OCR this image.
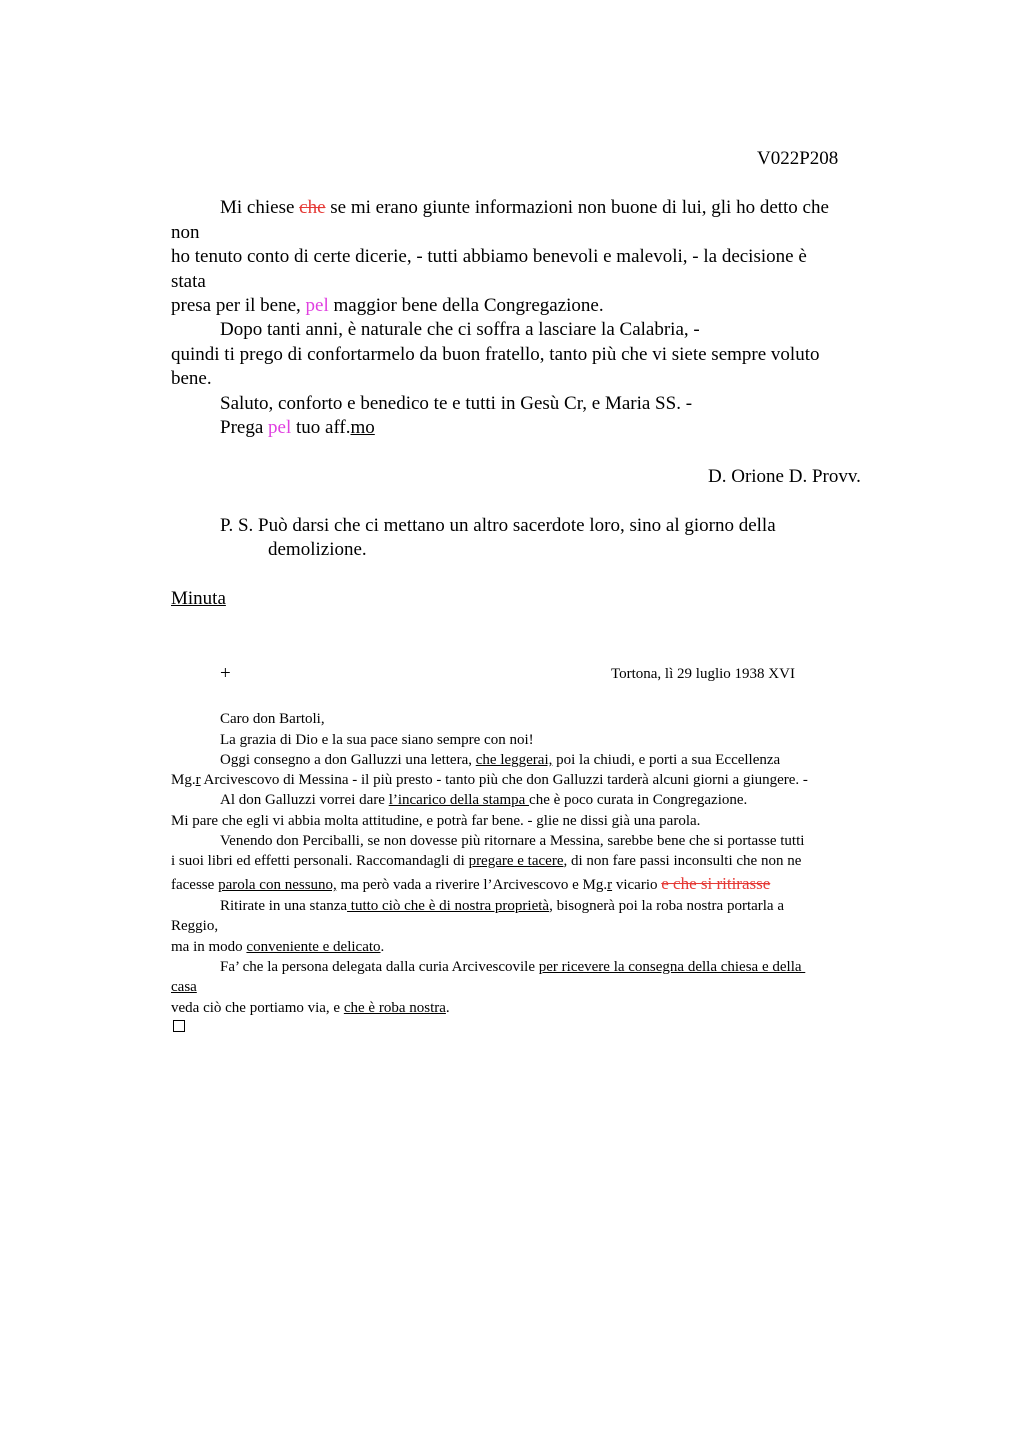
V022P208
Mi chiese che se mi erano giunte informazioni non buone di lui, gli ho detto che
non
ho tenuto conto di certe dicerie, - tutti abbiamo benevoli e malevoli, - la decisione è
stata
presa per il bene, pel maggior bene della Congregazione.
Dopo tanti anni, è naturale che ci soffra a lasciare la Calabria, -
quindi ti prego di confortarmelo da buon fratello, tanto più che vi siete sempre voluto
bene.
Saluto, conforto e benedico te e tutti in Gesù Cr, e Maria SS. -
Prega pel tuo aff.mo
D. Orione D. Provv.
P. S. Può darsi che ci mettano un altro sacerdote loro, sino al giorno della
demolizione.
Minuta
+	Tortona, lì 29 luglio 1938 XVI
Caro don Bartoli,
La grazia di Dio e la sua pace siano sempre con noi!
Oggi consegno a don Galluzzi una lettera, che leggerai, poi la chiudi, e porti a sua Eccellenza
Mg.r Arcivescovo di Messina - il più presto - tanto più che don Galluzzi tarderà alcuni giorni a giungere. -
Al don Galluzzi vorrei dare l’incarico della stampa che è poco curata in Congregazione.
Mi pare che egli vi abbia molta attitudine, e potrà far bene. - glie ne dissi già una parola.
Venendo don Perciballi, se non dovesse più ritornare a Messina, sarebbe bene che si portasse tutti
i suoi libri ed effetti personali. Raccomandagli di pregare e tacere, di non fare passi inconsulti che non ne
facesse parola con nessuno, ma però vada a riverire l’Arcivescovo e Mg.r vicario e che si ritirasse
Ritirate in una stanza tutto ciò che è di nostra proprietà, bisognerà poi la roba nostra portarla a
Reggio,
ma in modo conveniente e delicato.
Fa’ che la persona delegata dalla curia Arcivescovile per ricevere la consegna della chiesa e della
casa
veda ciò che portiamo via, e che è roba nostra.
